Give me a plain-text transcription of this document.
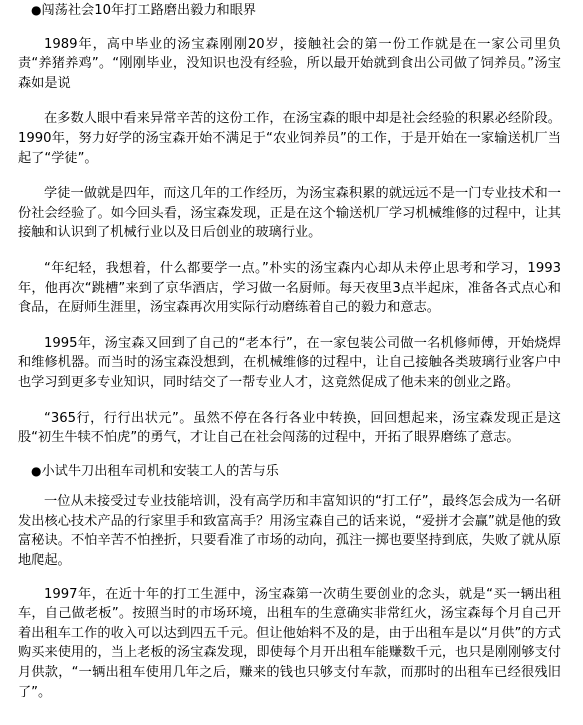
●闯荡社会10年打工路磨出毅力和眼界

1989年，高中毕业的汤宝森刚刚20岁，接触社会的第一份工作就是在一家公司里负责“养猪养鸡”。“刚刚毕业，没知识也没有经验，所以最开始就到食出公司做了饲养员。”汤宝森如是说

在多数人眼中看来异常辛苦的这份工作，在汤宝森的眼中却是社会经验的积累必经阶段。1990年，努力好学的汤宝森开始不满足于“农业饲养员”的工作，于是开始在一家输送机厂当起了“学徒”。

学徒一做就是四年，而这几年的工作经历，为汤宝森积累的就远远不是一门专业技术和一份社会经验了。如今回头看，汤宝森发现，正是在这个输送机厂学习机械维修的过程中，让其接触和认识到了机械行业以及日后创业的玻璃行业。

“年纪轻，我想着，什么都要学一点。”朴实的汤宝森内心却从未停止思考和学习，1993年，他再次“跳槽”来到了京华酒店，学习做一名厨师。每天夜里3点半起床，准备各式点心和食品，在厨师生涯里，汤宝森再次用实际行动磨练着自己的毅力和意志。

1995年，汤宝森又回到了自己的“老本行”，在一家包装公司做一名机修师傅，开始烧焊和维修机器。而当时的汤宝森没想到，在机械维修的过程中，让自己接触各类玻璃行业客户中也学习到更多专业知识，同时结交了一帮专业人才，这竟然促成了他未来的创业之路。

“365行，行行出状元”。虽然不停在各行各业中转换，回回想起来，汤宝森发现正是这股“初生牛犊不怕虎”的勇气，才让自己在社会闯荡的过程中，开拓了眼界磨练了意志。

●小试牛刀出租车司机和安装工人的苦与乐

一位从未接受过专业技能培训，没有高学历和丰富知识的“打工仔”，最终怎会成为一名研发出核心技术产品的行家里手和致富高手？用汤宝森自己的话来说，“爱拼才会赢”就是他的致富秘诀。不怕辛苦不怕挫折，只要看准了市场的动向，孤注一掷也要坚持到底，失败了就从原地爬起。

1997年，在近十年的打工生涯中，汤宝森第一次萌生要创业的念头，就是“买一辆出租车，自己做老板”。按照当时的市场环境，出租车的生意确实非常红火，汤宝森每个月自己开着出租车工作的收入可以达到四五千元。但让他始料不及的是，由于出租车是以“月供”的方式购买来使用的，当上老板的汤宝森发现，即使每个月开出租车能赚数千元，也只是刚刚够支付月供款，“一辆出租车使用几年之后，赚来的钱也只够支付车款，而那时的出租车已经很残旧了”。
